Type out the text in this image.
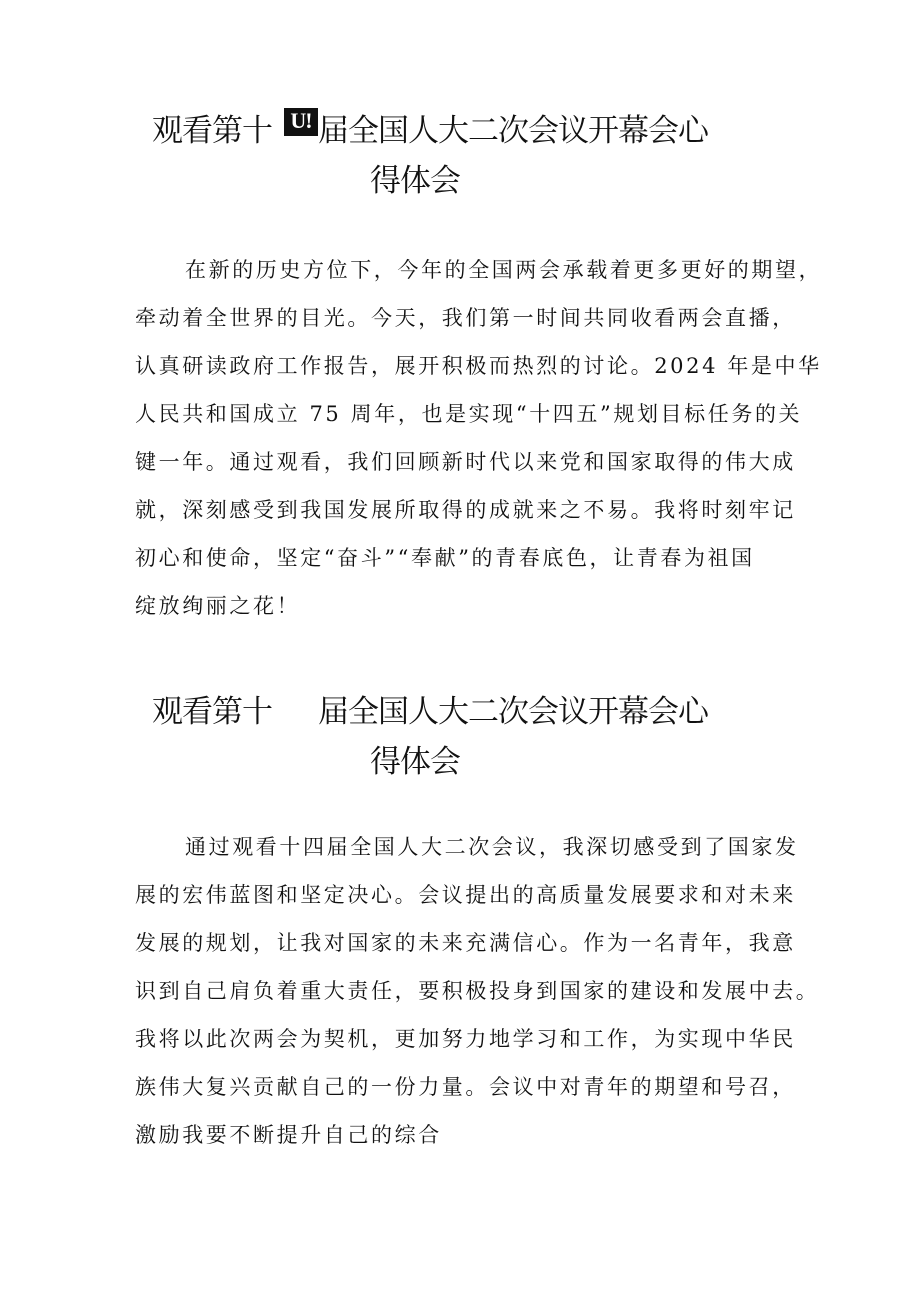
观看第十 U! 届全国人大二次会议开幕会心
得体会
在新的历史方位下，今年的全国两会承载着更多更好的期望，
牵动着全世界的目光。今天，我们第一时间共同收看两会直播，
认真研读政府工作报告，展开积极而热烈的讨论。2024 年是中华
人民共和国成立 75 周年，也是实现“十四五”规划目标任务的关
键一年。通过观看，我们回顾新时代以来党和国家取得的伟大成
就，深刻感受到我国发展所取得的成就来之不易。我将时刻牢记
初心和使命，坚定“奋斗”“奉献”的青春底色，让青春为祖国
绽放绚丽之花！
观看第十 届全国人大二次会议开幕会心
得体会
通过观看十四届全国人大二次会议，我深切感受到了国家发
展的宏伟蓝图和坚定决心。会议提出的高质量发展要求和对未来
发展的规划，让我对国家的未来充满信心。作为一名青年，我意
识到自己肩负着重大责任，要积极投身到国家的建设和发展中去。
我将以此次两会为契机，更加努力地学习和工作，为实现中华民
族伟大复兴贡献自己的一份力量。会议中对青年的期望和号召，
激励我要不断提升自己的综合
